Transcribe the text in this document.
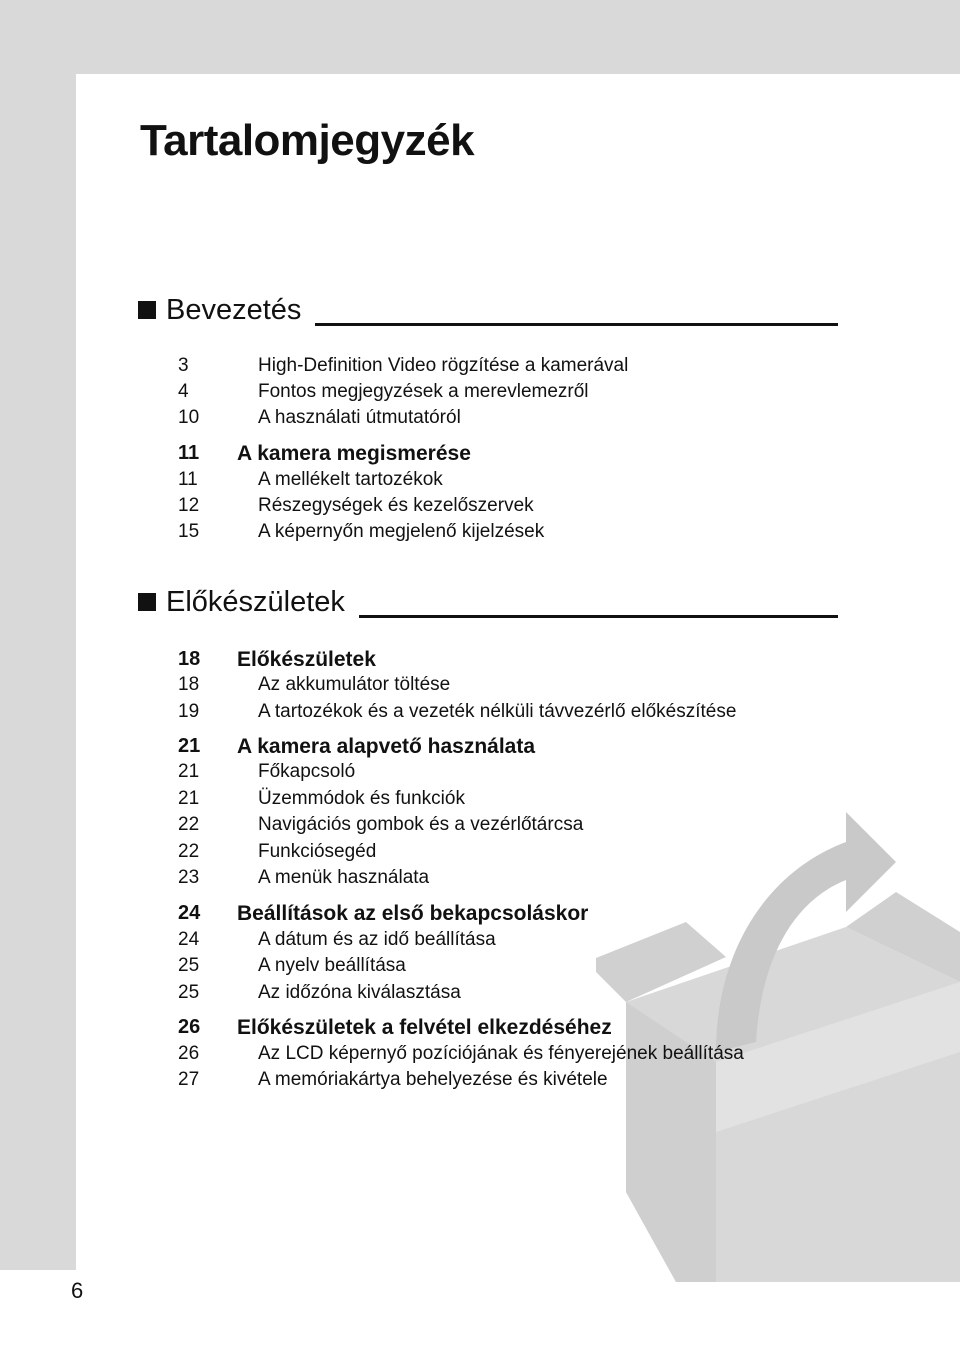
Tartalomjegyzék
Bevezetés
3	High-Definition Video rögzítése a kamerával
4	Fontos megjegyzések a merevlemezről
10	A használati útmutatóról
11	A kamera megismerése
11	A mellékelt tartozékok
12	Részegységek és kezelőszervek
15	A képernyőn megjelenő kijelzések
Előkészületek
18	Előkészületek
18	Az akkumulátor töltése
19	A tartozékok és a vezeték nélküli távvezérlő előkészítése
21	A kamera alapvető használata
21	Főkapcsoló
21	Üzemmódok és funkciók
22	Navigációs gombok és a vezérlőtárcsa
22	Funkciósegéd
23	A menük használata
24	Beállítások az első bekapcsoláskor
24	A dátum és az idő beállítása
25	A nyelv beállítása
25	Az időzóna kiválasztása
26	Előkészületek a felvétel elkezdéséhez
26	Az LCD képernyő pozíciójának és fényerejének beállítása
27	A memóriakártya behelyezése és kivétele
6
